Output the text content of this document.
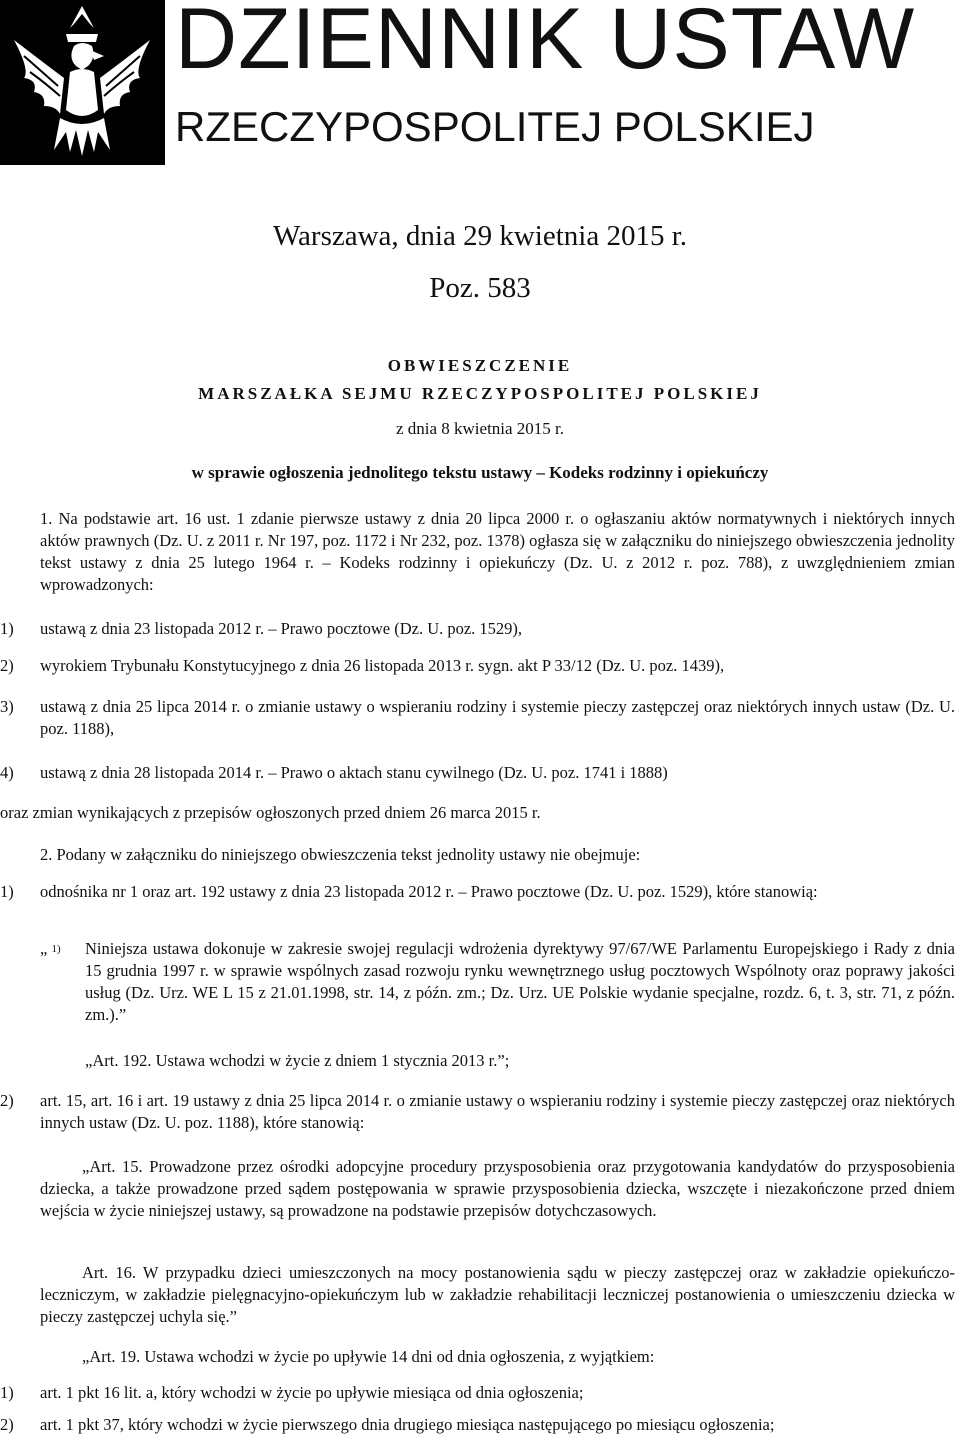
DZIENNIK USTAW
RZECZYPOSPOLITEJ POLSKIEJ
Warszawa, dnia 29 kwietnia 2015 r.
Poz. 583
OBWIESZCZENIE
MARSZAŁKA SEJMU RZECZYPOSPOLITEJ POLSKIEJ
z dnia 8 kwietnia 2015 r.
w sprawie ogłoszenia jednolitego tekstu ustawy – Kodeks rodzinny i opiekuńczy
1. Na podstawie art. 16 ust. 1 zdanie pierwsze ustawy z dnia 20 lipca 2000 r. o ogłaszaniu aktów normatywnych i niektórych innych aktów prawnych (Dz. U. z 2011 r. Nr 197, poz. 1172 i Nr 232, poz. 1378) ogłasza się w załączniku do niniejszego obwieszczenia jednolity tekst ustawy z dnia 25 lutego 1964 r. – Kodeks rodzinny i opiekuńczy (Dz. U. z 2012 r. poz. 788), z uwzględnieniem zmian wprowadzonych:
1)	ustawą z dnia 23 listopada 2012 r. – Prawo pocztowe (Dz. U. poz. 1529),
2)	wyrokiem Trybunału Konstytucyjnego z dnia 26 listopada 2013 r. sygn. akt P 33/12 (Dz. U. poz. 1439),
3)	ustawą z dnia 25 lipca 2014 r. o zmianie ustawy o wspieraniu rodziny i systemie pieczy zastępczej oraz niektórych innych ustaw (Dz. U. poz. 1188),
4)	ustawą z dnia 28 listopada 2014 r. – Prawo o aktach stanu cywilnego (Dz. U. poz. 1741 i 1888)
oraz zmian wynikających z przepisów ogłoszonych przed dniem 26 marca 2015 r.
2. Podany w załączniku do niniejszego obwieszczenia tekst jednolity ustawy nie obejmuje:
1)	odnośnika nr 1 oraz art. 192 ustawy z dnia 23 listopada 2012 r. – Prawo pocztowe (Dz. U. poz. 1529), które stanowią:
„ $^{1)}$ Niniejsza ustawa dokonuje w zakresie swojej regulacji wdrożenia dyrektywy 97/67/WE Parlamentu Europejskiego i Rady z dnia 15 grudnia 1997 r. w sprawie wspólnych zasad rozwoju rynku wewnętrznego usług pocztowych Wspólnoty oraz poprawy jakości usług (Dz. Urz. WE L 15 z 21.01.1998, str. 14, z późn. zm.; Dz. Urz. UE Polskie wydanie specjalne, rozdz. 6, t. 3, str. 71, z późn. zm.).”
„Art. 192. Ustawa wchodzi w życie z dniem 1 stycznia 2013 r.”;
2)	art. 15, art. 16 i art. 19 ustawy z dnia 25 lipca 2014 r. o zmianie ustawy o wspieraniu rodziny i systemie pieczy zastępczej oraz niektórych innych ustaw (Dz. U. poz. 1188), które stanowią:
„Art. 15. Prowadzone przez ośrodki adopcyjne procedury przysposobienia oraz przygotowania kandydatów do przysposobienia dziecka, a także prowadzone przed sądem postępowania w sprawie przysposobienia dziecka, wszczęte i niezakończone przed dniem wejścia w życie niniejszej ustawy, są prowadzone na podstawie przepisów dotychczasowych.
Art. 16. W przypadku dzieci umieszczonych na mocy postanowienia sądu w pieczy zastępczej oraz w zakładzie opiekuńczo-leczniczym, w zakładzie pielęgnacyjno-opiekuńczym lub w zakładzie rehabilitacji leczniczej postanowienia o umieszczeniu dziecka w pieczy zastępczej uchyla się.”
„Art. 19. Ustawa wchodzi w życie po upływie 14 dni od dnia ogłoszenia, z wyjątkiem:
1)	art. 1 pkt 16 lit. a, który wchodzi w życie po upływie miesiąca od dnia ogłoszenia;
2)	art. 1 pkt 37, który wchodzi w życie pierwszego dnia drugiego miesiąca następującego po miesiącu ogłoszenia;
